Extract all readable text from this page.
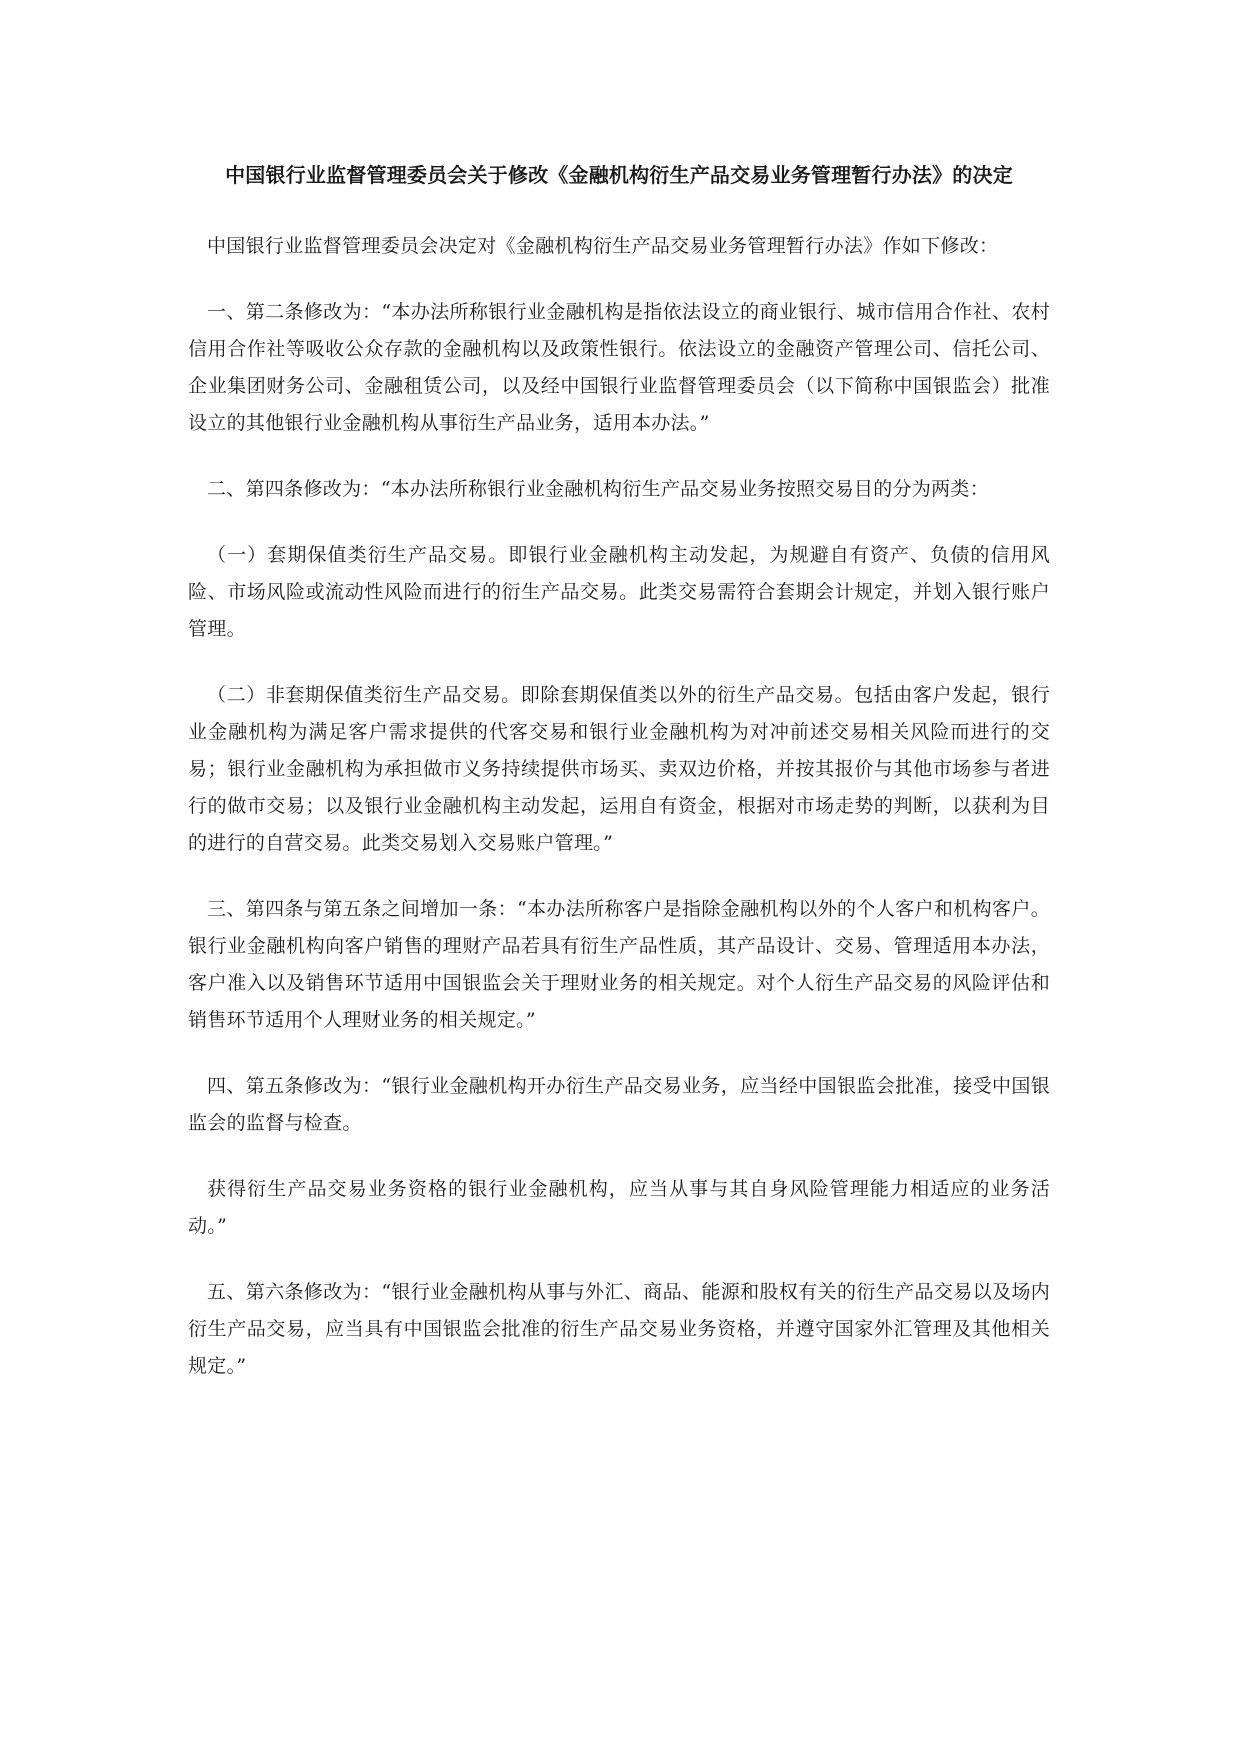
中国银行业监督管理委员会关于修改《金融机构衍生产品交易业务管理暂行办法》的决定

中国银行业监督管理委员会决定对《金融机构衍生产品交易业务管理暂行办法》作如下修改：

一、第二条修改为：“本办法所称银行业金融机构是指依法设立的商业银行、城市信用合作社、农村信用合作社等吸收公众存款的金融机构以及政策性银行。依法设立的金融资产管理公司、信托公司、企业集团财务公司、金融租赁公司，以及经中国银行业监督管理委员会（以下简称中国银监会）批准设立的其他银行业金融机构从事衍生产品业务，适用本办法。”

二、第四条修改为：“本办法所称银行业金融机构衍生产品交易业务按照交易目的分为两类：

（一）套期保值类衍生产品交易。即银行业金融机构主动发起，为规避自有资产、负债的信用风险、市场风险或流动性风险而进行的衍生产品交易。此类交易需符合套期会计规定，并划入银行账户管理。

（二）非套期保值类衍生产品交易。即除套期保值类以外的衍生产品交易。包括由客户发起，银行业金融机构为满足客户需求提供的代客交易和银行业金融机构为对冲前述交易相关风险而进行的交易；银行业金融机构为承担做市义务持续提供市场买、卖双边价格，并按其报价与其他市场参与者进行的做市交易；以及银行业金融机构主动发起，运用自有资金，根据对市场走势的判断，以获利为目的进行的自营交易。此类交易划入交易账户管理。”

三、第四条与第五条之间增加一条：“本办法所称客户是指除金融机构以外的个人客户和机构客户。银行业金融机构向客户销售的理财产品若具有衍生产品性质，其产品设计、交易、管理适用本办法，客户准入以及销售环节适用中国银监会关于理财业务的相关规定。对个人衍生产品交易的风险评估和销售环节适用个人理财业务的相关规定。”

四、第五条修改为：“银行业金融机构开办衍生产品交易业务，应当经中国银监会批准，接受中国银监会的监督与检查。

获得衍生产品交易业务资格的银行业金融机构，应当从事与其自身风险管理能力相适应的业务活动。”

五、第六条修改为：“银行业金融机构从事与外汇、商品、能源和股权有关的衍生产品交易以及场内衍生产品交易，应当具有中国银监会批准的衍生产品交易业务资格，并遵守国家外汇管理及其他相关规定。”
